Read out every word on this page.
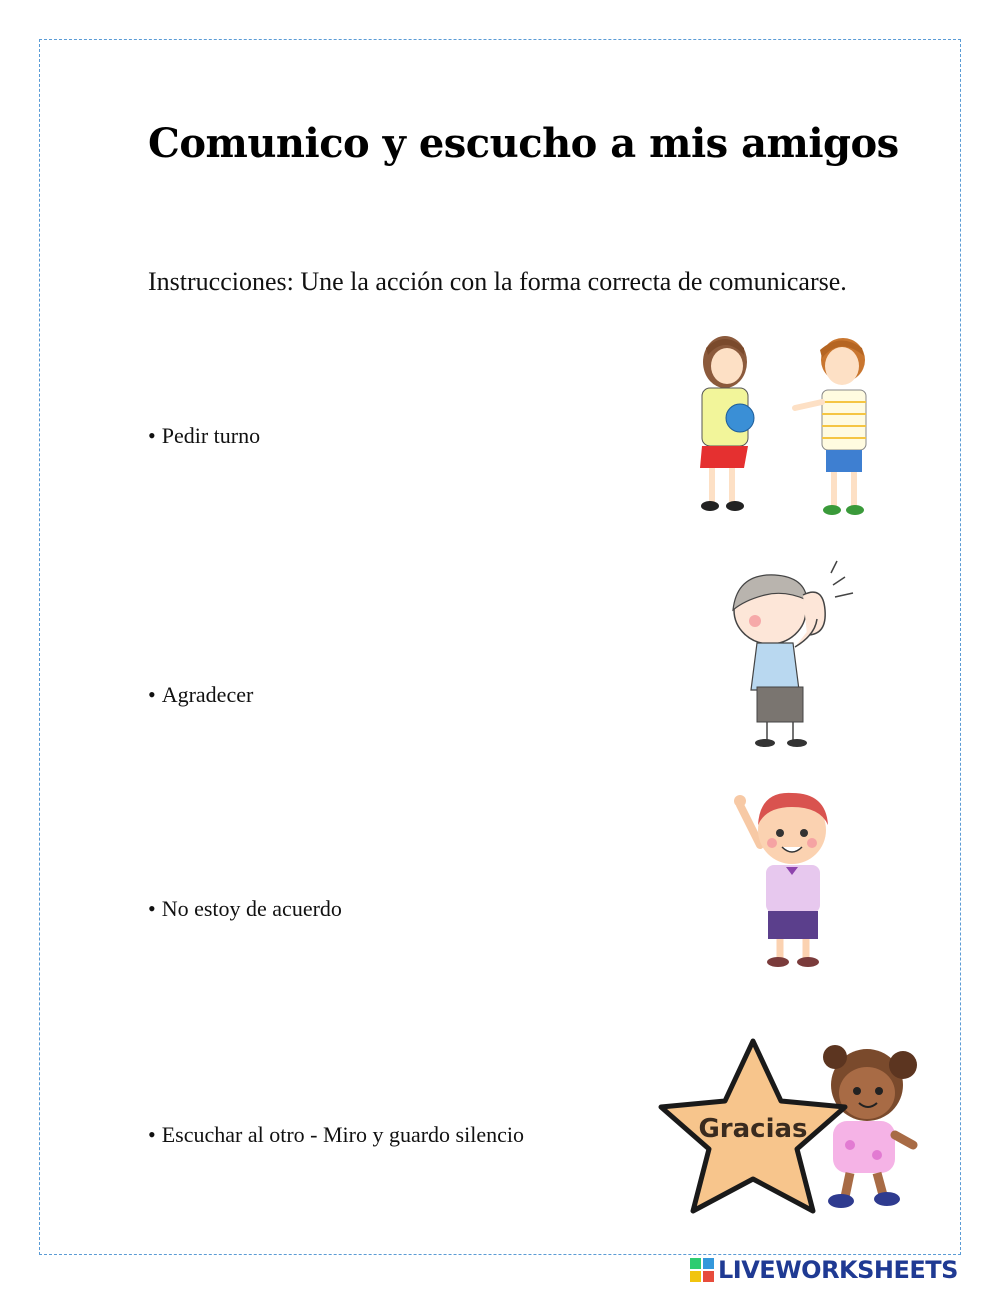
Comunico y escucho a mis amigos

Instrucciones: Une la acción con la forma correcta de comunicarse.

• Pedir turno
• Agradecer
• No estoy de acuerdo
• Escuchar al otro - Miro y guardo silencio	Gracias
LIVEWORKSHEETS
